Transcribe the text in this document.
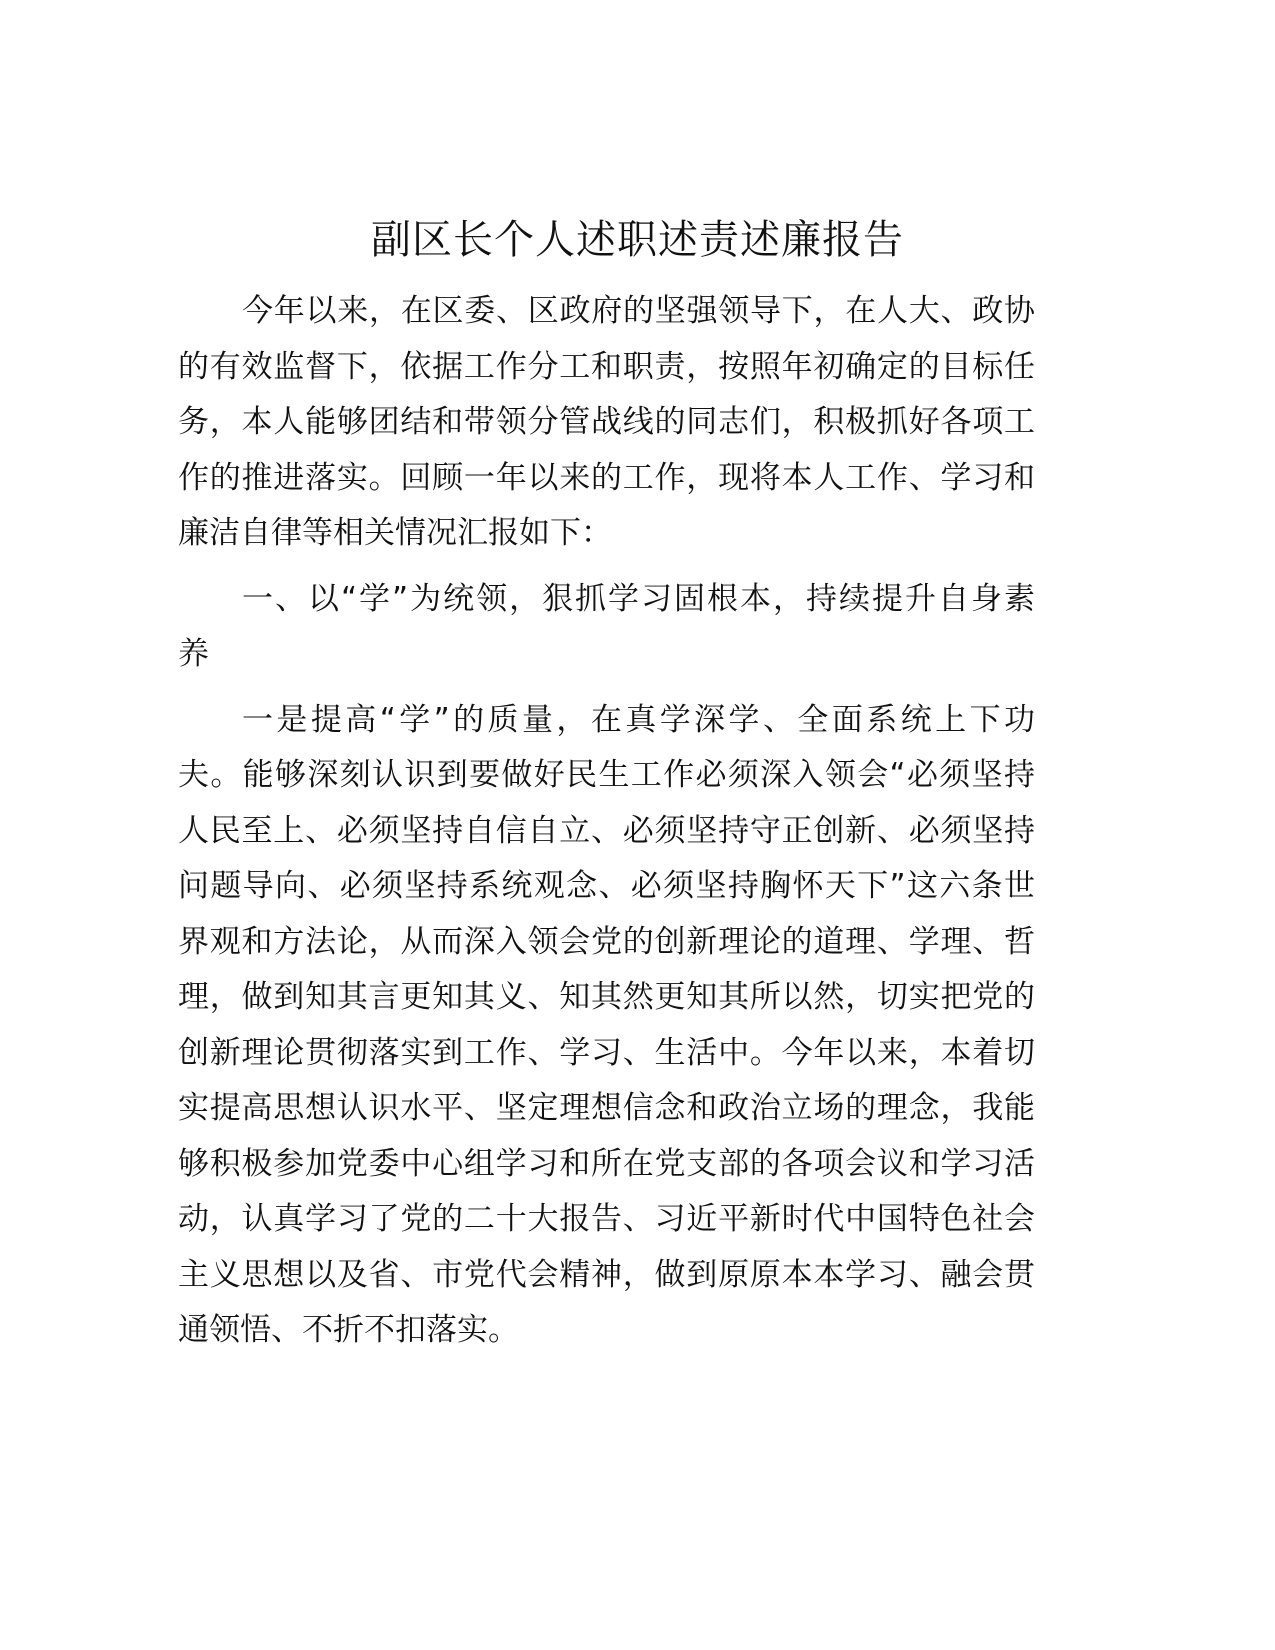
副区长个人述职述责述廉报告
今年以来，在区委、区政府的坚强领导下，在人大、政协
的有效监督下，依据工作分工和职责，按照年初确定的目标任
务，本人能够团结和带领分管战线的同志们，积极抓好各项工
作的推进落实。回顾一年以来的工作，现将本人工作、学习和
廉洁自律等相关情况汇报如下：
一、以“学”为统领，狠抓学习固根本，持续提升自身素
养
一是提高“学”的质量，在真学深学、全面系统上下功
夫。能够深刻认识到要做好民生工作必须深入领会“必须坚持
人民至上、必须坚持自信自立、必须坚持守正创新、必须坚持
问题导向、必须坚持系统观念、必须坚持胸怀天下”这六条世
界观和方法论，从而深入领会党的创新理论的道理、学理、哲
理，做到知其言更知其义、知其然更知其所以然，切实把党的
创新理论贯彻落实到工作、学习、生活中。今年以来，本着切
实提高思想认识水平、坚定理想信念和政治立场的理念，我能
够积极参加党委中心组学习和所在党支部的各项会议和学习活
动，认真学习了党的二十大报告、习近平新时代中国特色社会
主义思想以及省、市党代会精神，做到原原本本学习、融会贯
通领悟、不折不扣落实。
